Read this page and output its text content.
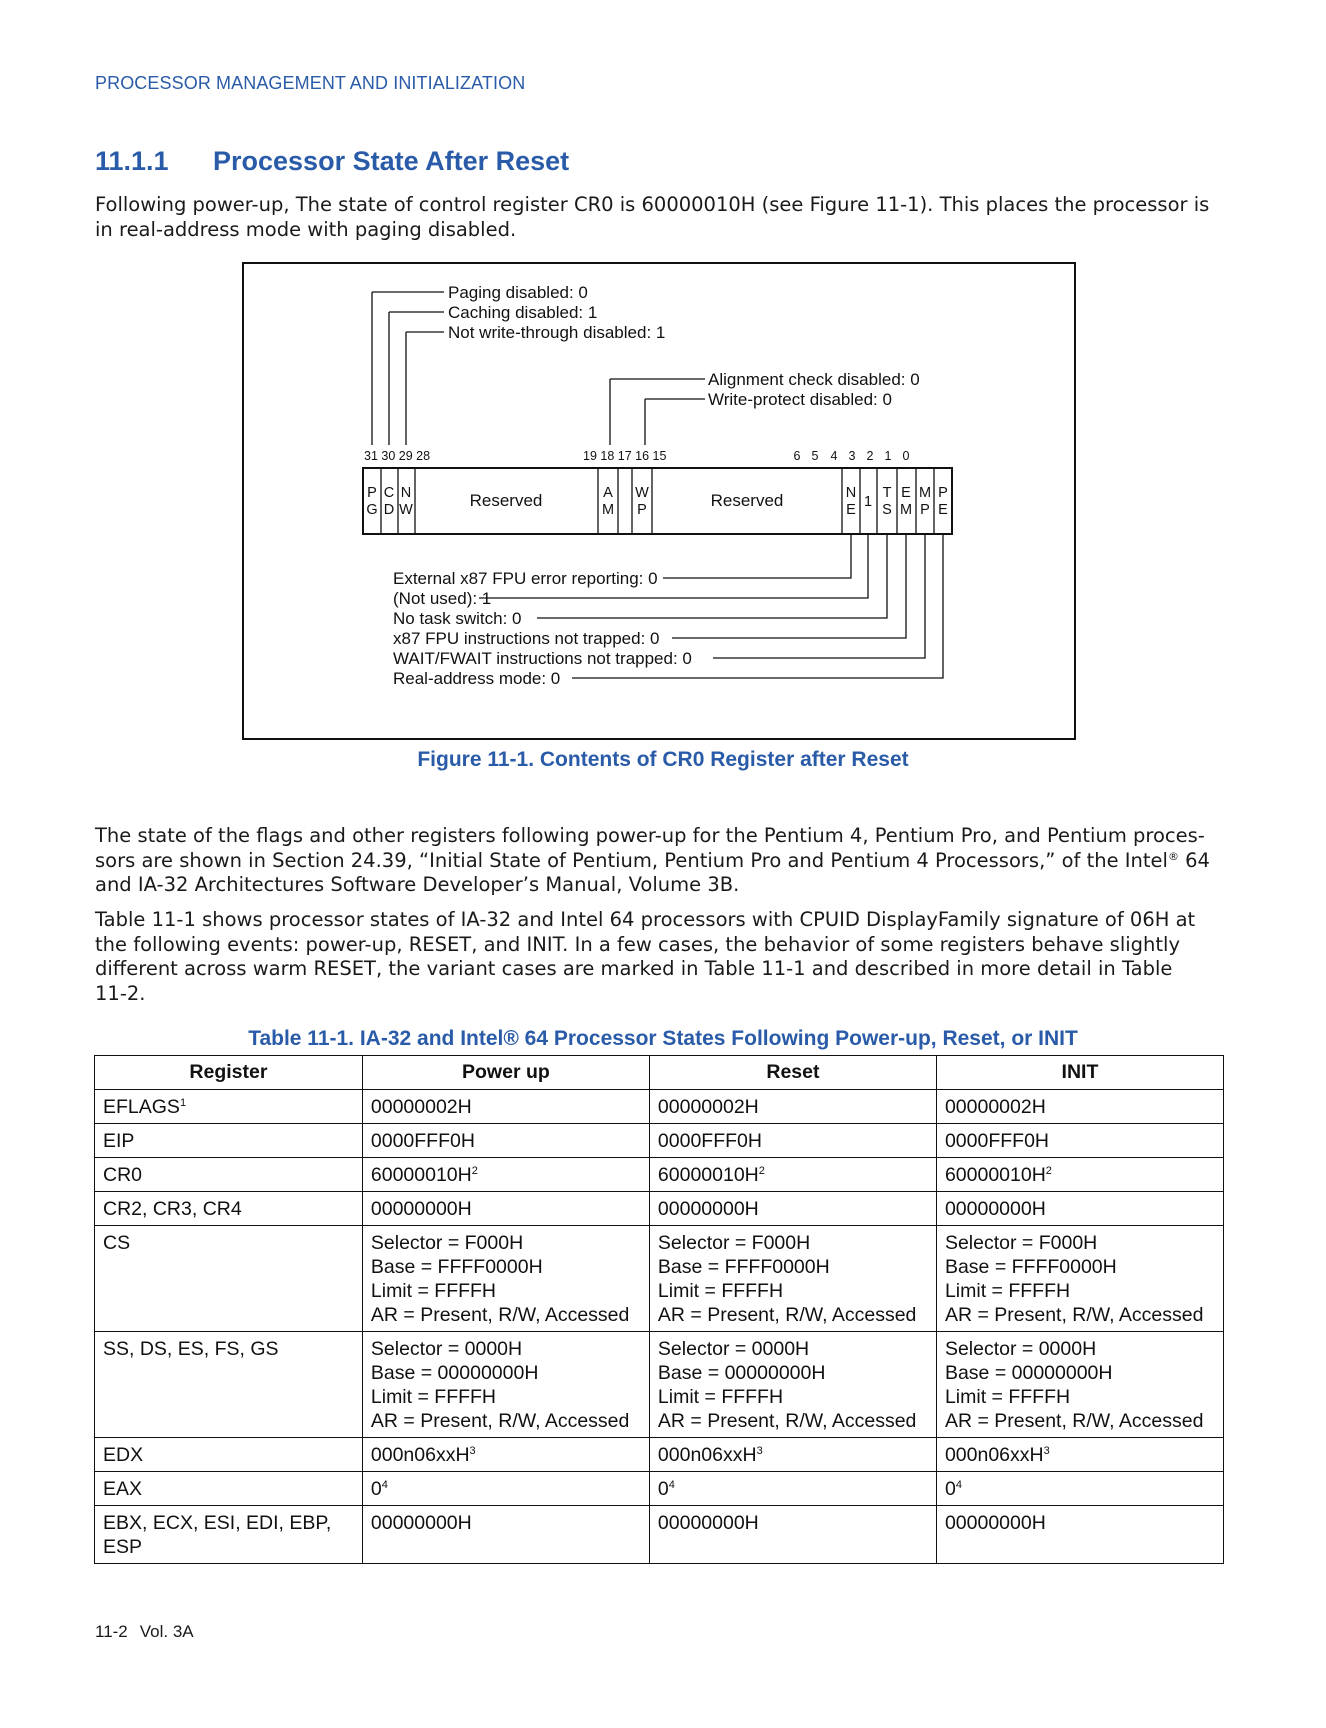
PROCESSOR MANAGEMENT AND INITIALIZATION
11.1.1 Processor State After Reset

Following power-up, The state of control register CR0 is 60000010H (see Figure 11-1). This places the processor is

in real-address mode with paging disabled.

Paging disabled: 0
Caching disabled: 1
Not write-through disabled: 1
Alignment check disabled: 0
Write-protect disabled: 0
31 30 29 28	19 18 17 16 15	6 5 4 3 2 1 0
P
G
C
D
N
W
A
M
W
P
N
E 1
T
S
E
M
M
P
P
E
Reserved	Reserved
External x87 FPU error reporting: 0
(Not used): 1
No task switch: 0
x87 FPU instructions not trapped: 0
WAIT/FWAIT instructions not trapped: 0
Real-address mode: 0
Figure 11-1. Contents of CR0 Register after Reset

The state of the flags and other registers following power-up for the Pentium 4, Pentium Pro, and Pentium proces-

sors are shown in Section 24.39, “Initial State of Pentium, Pentium Pro and Pentium 4 Processors,” of the Intel® 64

and IA-32 Architectures Software Developer’s Manual, Volume 3B.

Table 11-1 shows processor states of IA-32 and Intel 64 processors with CPUID DisplayFamily signature of 06H at

the following events: power-up, RESET, and INIT. In a few cases, the behavior of some registers behave slightly

different across warm RESET, the variant cases are marked in Table 11-1 and described in more detail in Table

11-2.

Table 11-1. IA-32 and Intel® 64 Processor States Following Power-up, Reset, or INIT
Register	Power up	Reset	INIT
EFLAGS$^1$	00000002H	00000002H	00000002H

EIP	0000FFF0H	0000FFF0H	0000FFF0H

CR0	$60000010H^2$	$60000010H^2$	$60000010H^2$

CR2, CR3, CR4	00000000H	00000000H	00000000H

CS	Selector = F000H
Base = FFFF0000H
Limit = FFFFH
AR = Present, R/W, Accessed	Selector = F000H
Base = FFFF0000H
Limit = FFFFH
AR = Present, R/W, Accessed	Selector = F000H
Base = FFFF0000H
Limit = FFFFH
AR = Present, R/W, Accessed

SS, DS, ES, FS, GS	Selector = 0000H
Base = 00000000H
Limit = FFFFH
AR = Present, R/W, Accessed	Selector = 0000H
Base = 00000000H
Limit = FFFFH
AR = Present, R/W, Accessed	Selector = 0000H
Base = 00000000H
Limit = FFFFH
AR = Present, R/W, Accessed

EDX	000n06xxH$^3$	000n06xxH$^3$	000n06xxH$^3$

EAX	$0^4$	$0^4$	$0^4$

EBX, ECX, ESI, EDI, EBP, ESP	00000000H	00000000H	00000000H
11-2 Vol. 3A
